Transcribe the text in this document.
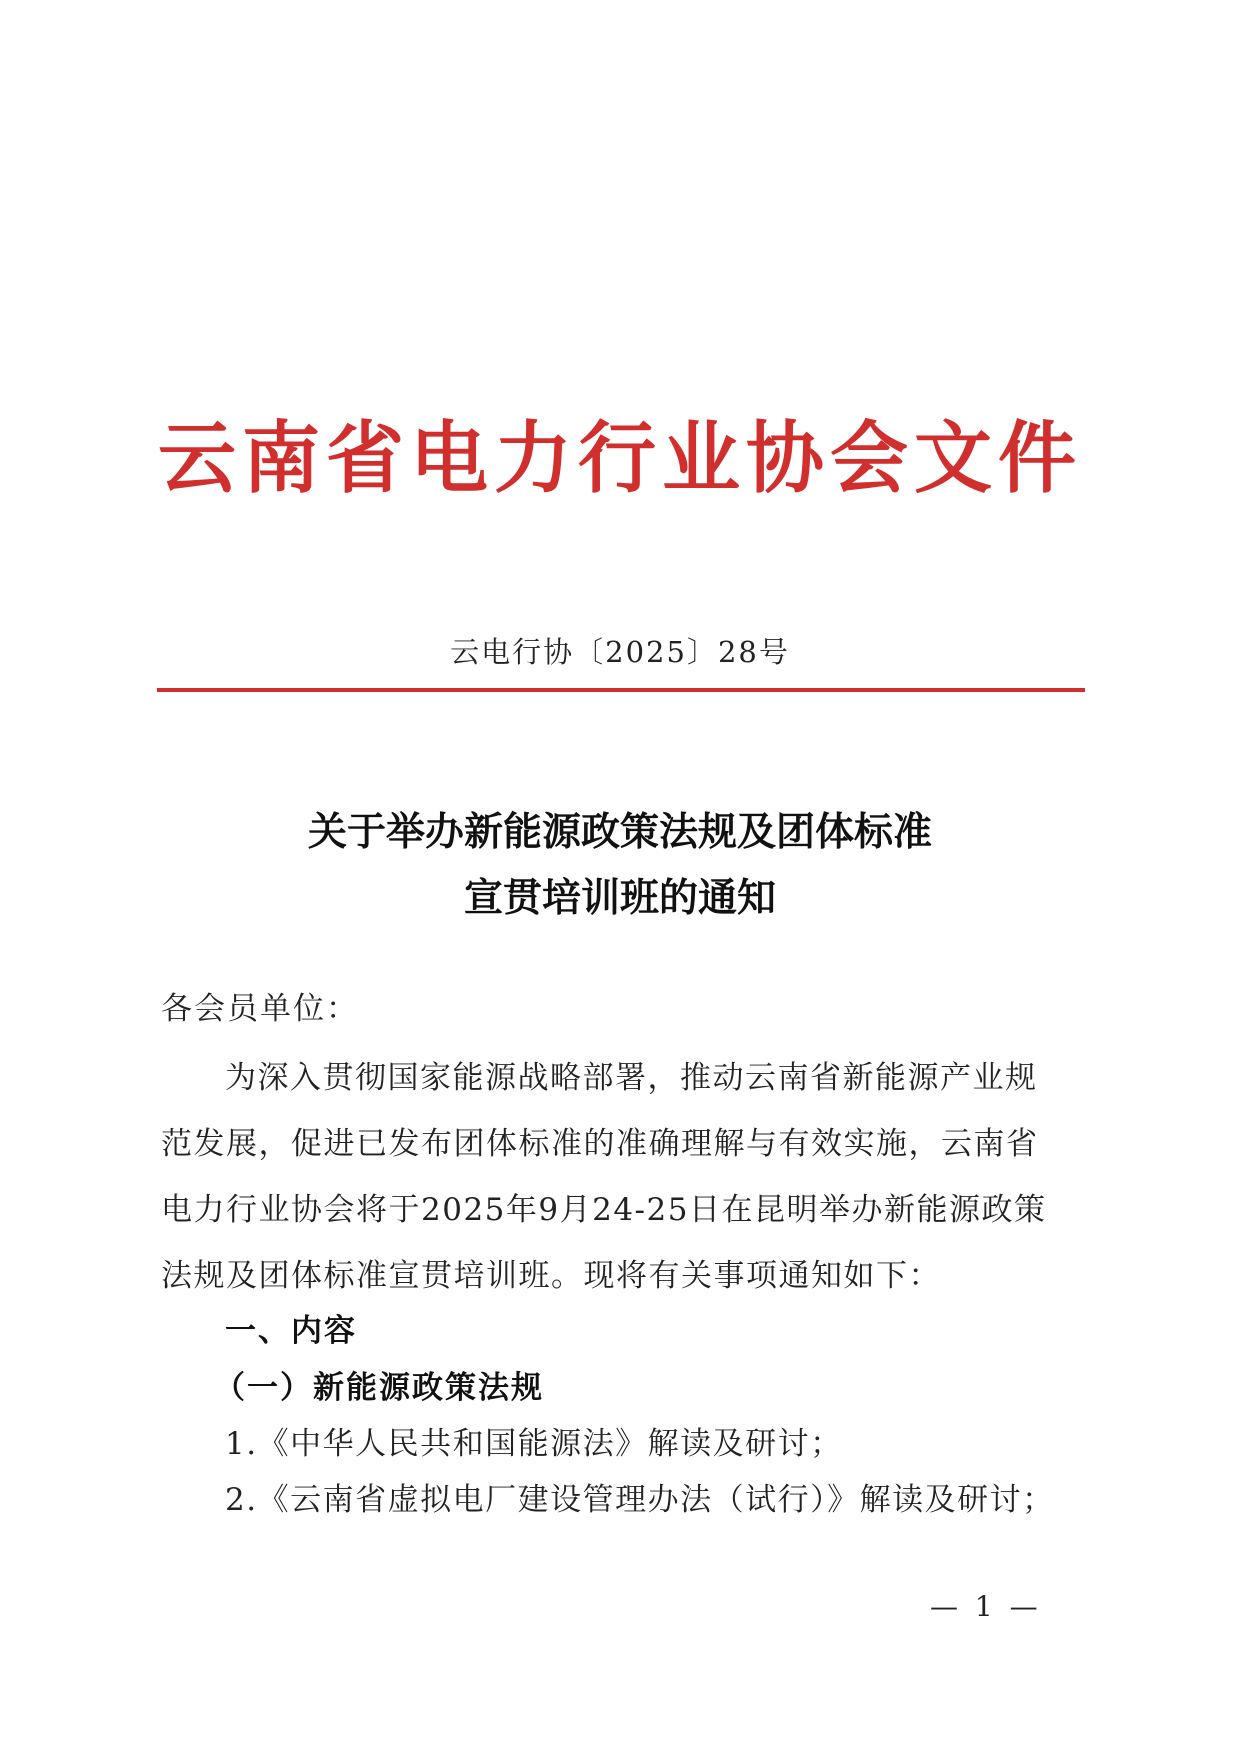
云南省电力行业协会文件
云电行协〔2025〕28号
关于举办新能源政策法规及团体标准
宣贯培训班的通知
各会员单位：
为深入贯彻国家能源战略部署，推动云南省新能源产业规
范发展，促进已发布团体标准的准确理解与有效实施，云南省
电力行业协会将于2025年9月24-25日在昆明举办新能源政策
法规及团体标准宣贯培训班。现将有关事项通知如下：
一、内容
（一）新能源政策法规
1.《中华人民共和国能源法》解读及研讨；
2.《云南省虚拟电厂建设管理办法（试行）》解读及研讨；
— 1 —
